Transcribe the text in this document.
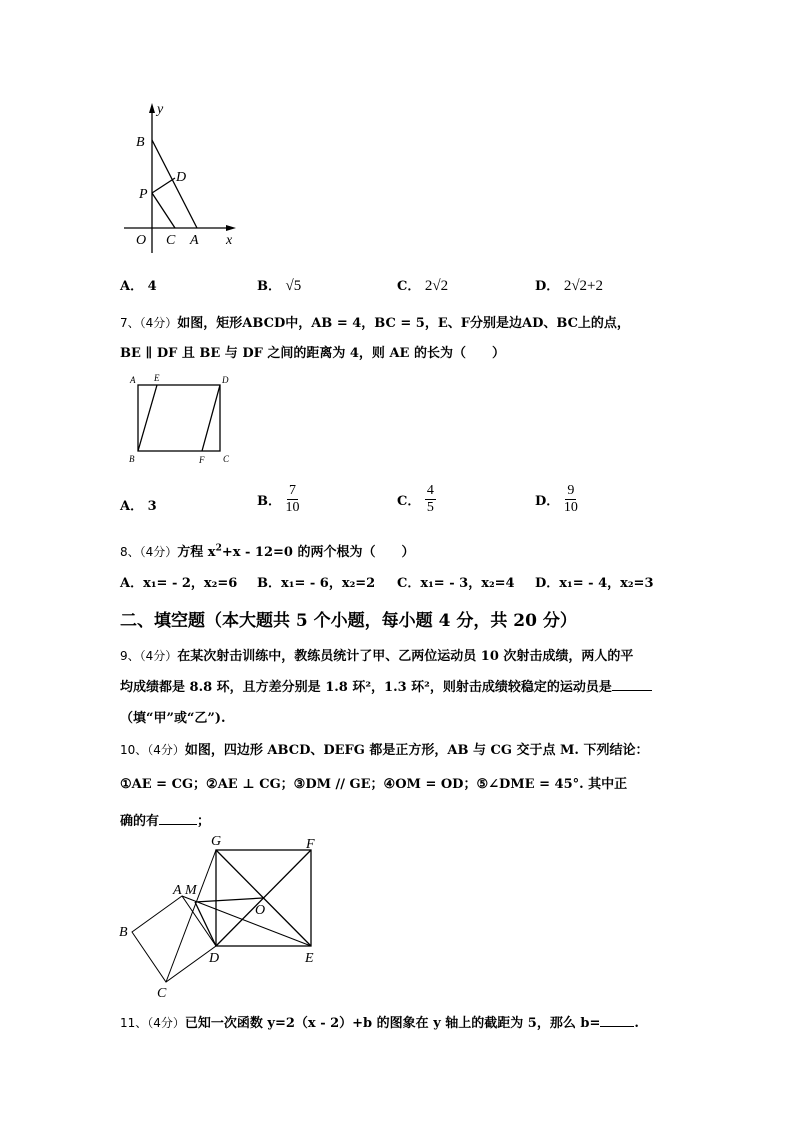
y
x
B
D
P
O C A
A． 4	B． √5	C． 2√2	D． 2√2+2
7、（4分）如图，矩形ABCD中，AB = 4，BC = 5，E、F分别是边AD、BC上的点，
BE ∥ DF 且 BE 与 DF 之间的距离为 4，则 AE 的长为（　　）
A E	D
B	F C
A． 3	B． $\frac{7}{10}$	C． $\frac{4}{5}$	D． $\frac{9}{10}$
8、（4分）方程 $x^2+x - 12=0$ 的两个根为（　　）
A．x₁= - 2，x₂=6 B．x₁= - 6，x₂=2 C．x₁= - 3，x₂=4 D．x₁= - 4，x₂=3
二、填空题（本大题共 5 个小题，每小题 4 分，共 20 分）
9、（4分）在某次射击训练中，教练员统计了甲、乙两位运动员 10 次射击成绩，两人的平
均成绩都是 8.8 环，且方差分别是 1.8 环²，1.3 环²，则射击成绩较稳定的运动员是
（填“甲”或“乙”).
10、（4分）如图，四边形 ABCD、DEFG 都是正方形，AB 与 CG 交于点 M. 下列结论：
①AE = CG；②AE ⊥ CG；③DM // GE；④OM = OD；⑤∠DME = 45°. 其中正
确的有	；
G	F
A M
O
B
D	E
C
11、（4分）已知一次函数 y=2（x - 2）+b 的图象在 y 轴上的截距为 5，那么 b=	.
